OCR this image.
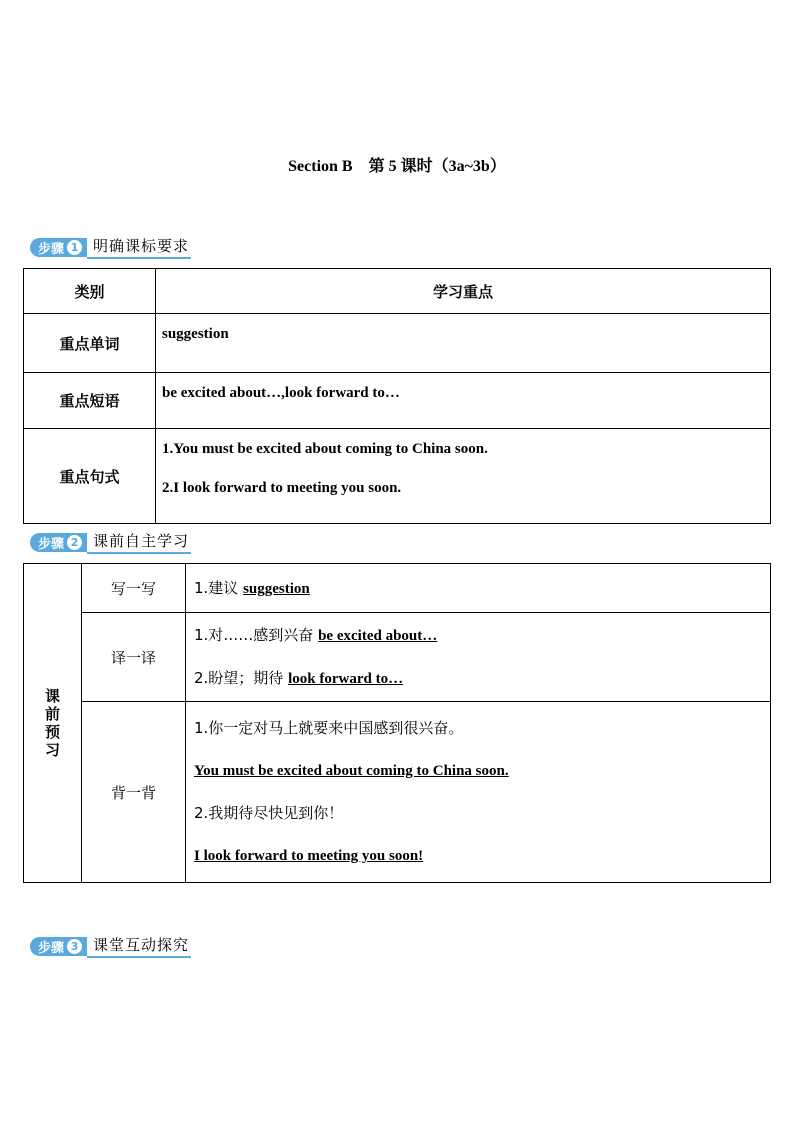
Section B　第 5 课时（3a~3b）
步骤 1 明确课标要求
类别	学习重点
重点单词	suggestion

重点短语	be excited about…,look forward to…

重点句式	1.You must be excited about coming to China soon.

2.I look forward to meeting you soon.

步骤 2 课前自主学习
课
前
预
习	写一写	1.建议 suggestion

	译一译	1.对……感到兴奋 be excited about…

2.盼望；期待 look forward to…

	背一背	1.你一定对马上就要来中国感到很兴奋。

You must be excited about coming to China soon.

2.我期待尽快见到你！

I look forward to meeting you soon!

步骤 3 课堂互动探究
